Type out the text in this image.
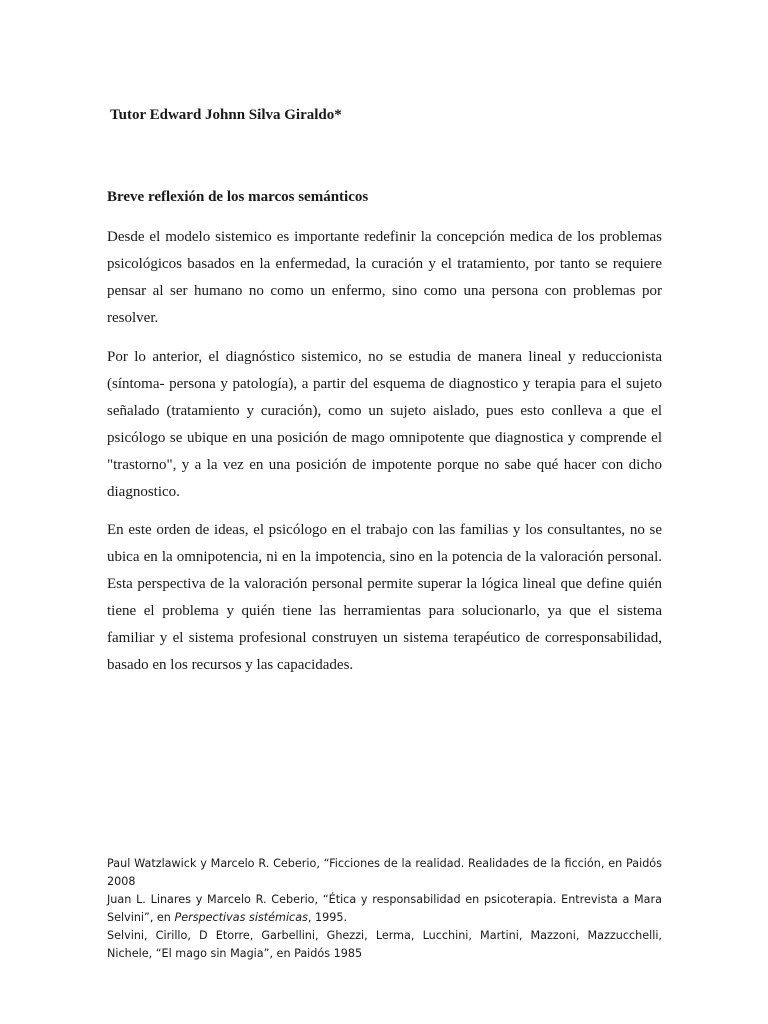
Tutor Edward Johnn Silva Giraldo*

Breve reflexión de los marcos semánticos

Desde el modelo sistemico es importante redefinir la concepción medica de los problemas psicológicos basados en la enfermedad, la curación y el tratamiento, por tanto se requiere pensar al ser humano no como un enfermo, sino como una persona con problemas por resolver.

Por lo anterior, el diagnóstico sistemico, no se estudia de manera lineal y reduccionista (síntoma- persona y patología), a partir del esquema de diagnostico y terapia para el sujeto señalado (tratamiento y curación), como un sujeto aislado, pues esto conlleva a que el psicólogo se ubique en una posición de mago omnipotente que diagnostica y comprende el "trastorno", y a la vez en una posición de impotente porque no sabe qué hacer con dicho diagnostico.

En este orden de ideas, el psicólogo en el trabajo con las familias y los consultantes, no se ubica en la omnipotencia, ni en la impotencia, sino en la potencia de la valoración personal. Esta perspectiva de la valoración personal permite superar la lógica lineal que define quién tiene el problema y quién tiene las herramientas para solucionarlo, ya que el sistema familiar y el sistema profesional construyen un sistema terapéutico de corresponsabilidad, basado en los recursos y las capacidades.

Paul Watzlawick y Marcelo R. Ceberio, “Ficciones de la realidad. Realidades de la ficción, en Paidós 2008

Juan L. Linares y Marcelo R. Ceberio, “Ética y responsabilidad en psicoterapia. Entrevista a Mara Selvini”, en Perspectivas sistémicas, 1995.

Selvini, Cirillo, D Etorre, Garbellini, Ghezzi, Lerma, Lucchini, Martini, Mazzoni, Mazzucchelli, Nichele, “El mago sin Magia”, en Paidós 1985
